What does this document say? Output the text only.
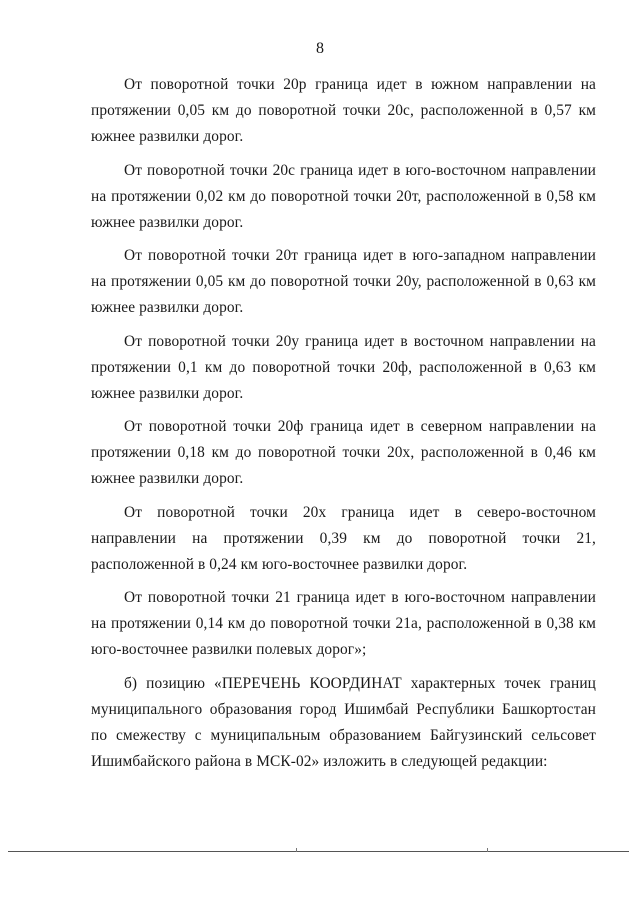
8

От поворотной точки 20р граница идет в южном направлении на протяжении 0,05 км до поворотной точки 20с, расположенной в 0,57 км южнее развилки дорог.

От поворотной точки 20с граница идет в юго-восточном направлении на протяжении 0,02 км до поворотной точки 20т, расположенной в 0,58 км южнее развилки дорог.

От поворотной точки 20т граница идет в юго-западном направлении на протяжении 0,05 км до поворотной точки 20у, расположенной в 0,63 км южнее развилки дорог.

От поворотной точки 20у граница идет в восточном направлении на протяжении 0,1 км до поворотной точки 20ф, расположенной в 0,63 км южнее развилки дорог.

От поворотной точки 20ф граница идет в северном направлении на протяжении 0,18 км до поворотной точки 20х, расположенной в 0,46 км южнее развилки дорог.

От поворотной точки 20х граница идет в северо-восточном направлении на протяжении 0,39 км до поворотной точки 21, расположенной в 0,24 км юго-восточнее развилки дорог.

От поворотной точки 21 граница идет в юго-восточном направлении на протяжении 0,14 км до поворотной точки 21а, расположенной в 0,38 км юго-восточнее развилки полевых дорог»;

б) позицию «ПЕРЕЧЕНЬ КООРДИНАТ характерных точек границ муниципального образования город Ишимбай Республики Башкортостан по смежеству с муниципальным образованием Байгузинский сельсовет Ишимбайского района в МСК-02» изложить в следующей редакции:
